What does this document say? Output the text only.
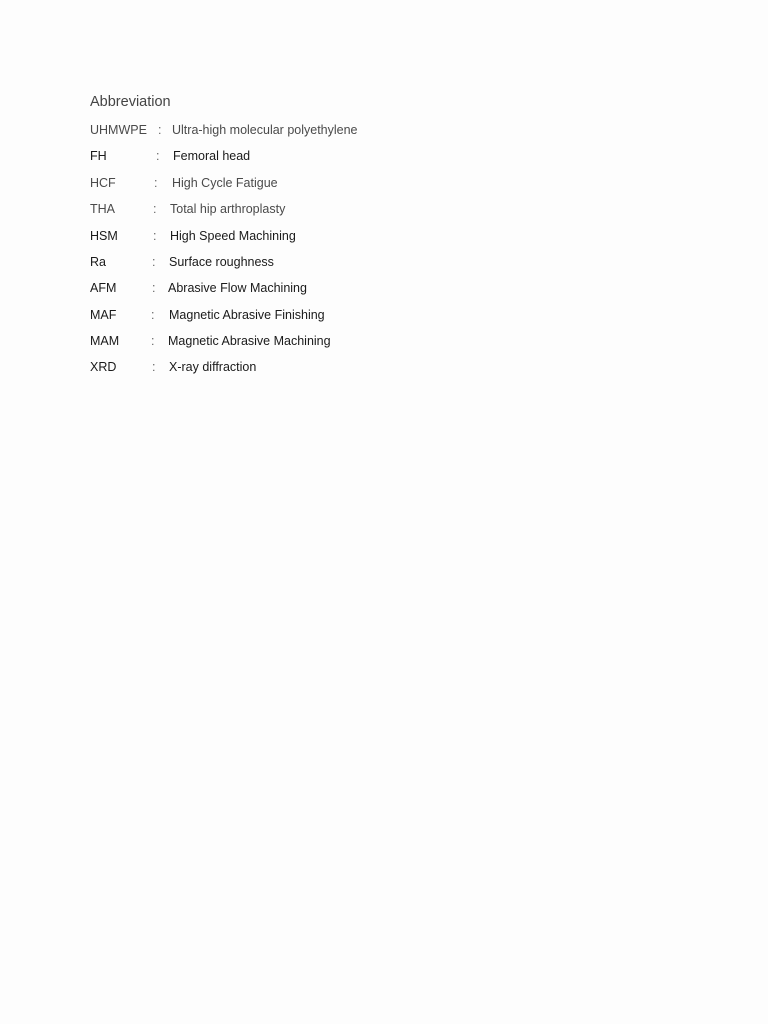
Abbreviation
UHMWPE : Ultra-high molecular polyethylene
FH	: Femoral head
HCF	: High Cycle Fatigue
THA	: Total hip arthroplasty
HSM	: High Speed Machining
Ra	: Surface roughness
AFM	: Abrasive Flow Machining
MAF	: Magnetic Abrasive Finishing
MAM	: Magnetic Abrasive Machining
XRD	: X-ray diffraction
